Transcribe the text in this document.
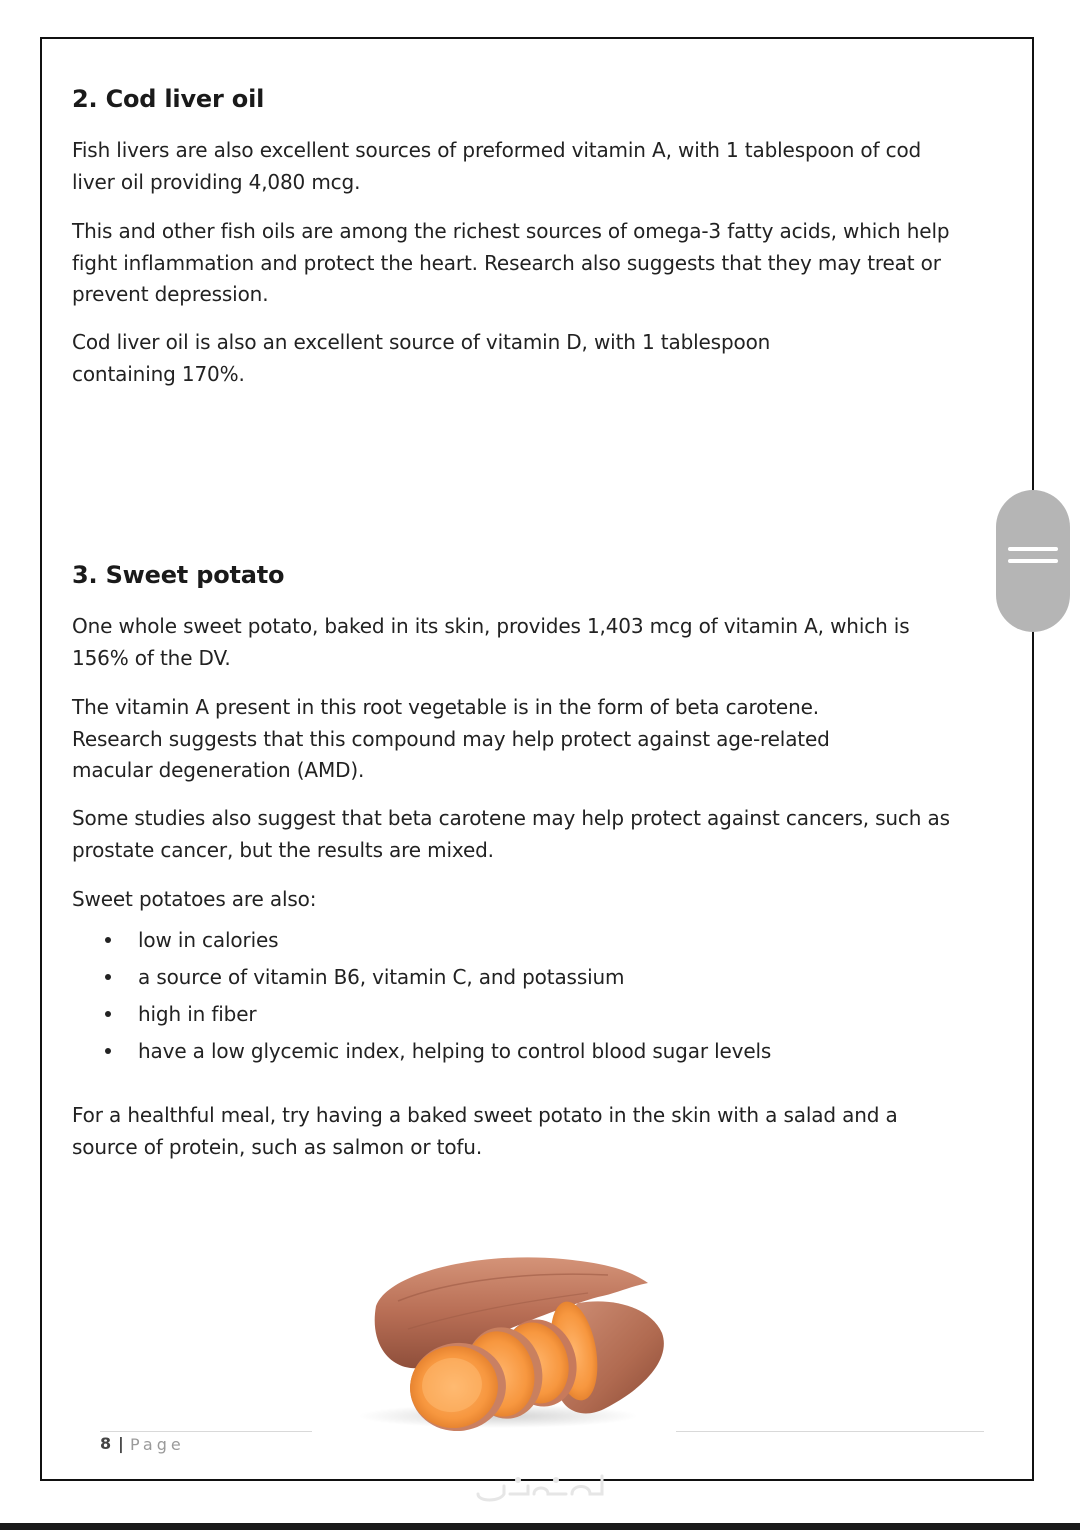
2. Cod liver oil

Fish livers are also excellent sources of preformed vitamin A, with 1 tablespoon of cod liver oil providing 4,080 mcg.

This and other fish oils are among the richest sources of omega-3 fatty acids, which help fight inflammation and protect the heart. Research also suggests that they may treat or prevent depression.

Cod liver oil is also an excellent source of vitamin D, with 1 tablespoon containing 170%.

3. Sweet potato

One whole sweet potato, baked in its skin, provides 1,403 mcg of vitamin A, which is 156% of the DV.

The vitamin A present in this root vegetable is in the form of beta carotene. Research suggests that this compound may help protect against age-related macular degeneration (AMD).

Some studies also suggest that beta carotene may help protect against cancers, such as prostate cancer, but the results are mixed.

Sweet potatoes are also:

low in calories
a source of vitamin B6, vitamin C, and potassium
high in fiber
have a low glycemic index, helping to control blood sugar levels

For a healthful meal, try having a baked sweet potato in the skin with a salad and a source of protein, such as salmon or tofu.

8 | Page
